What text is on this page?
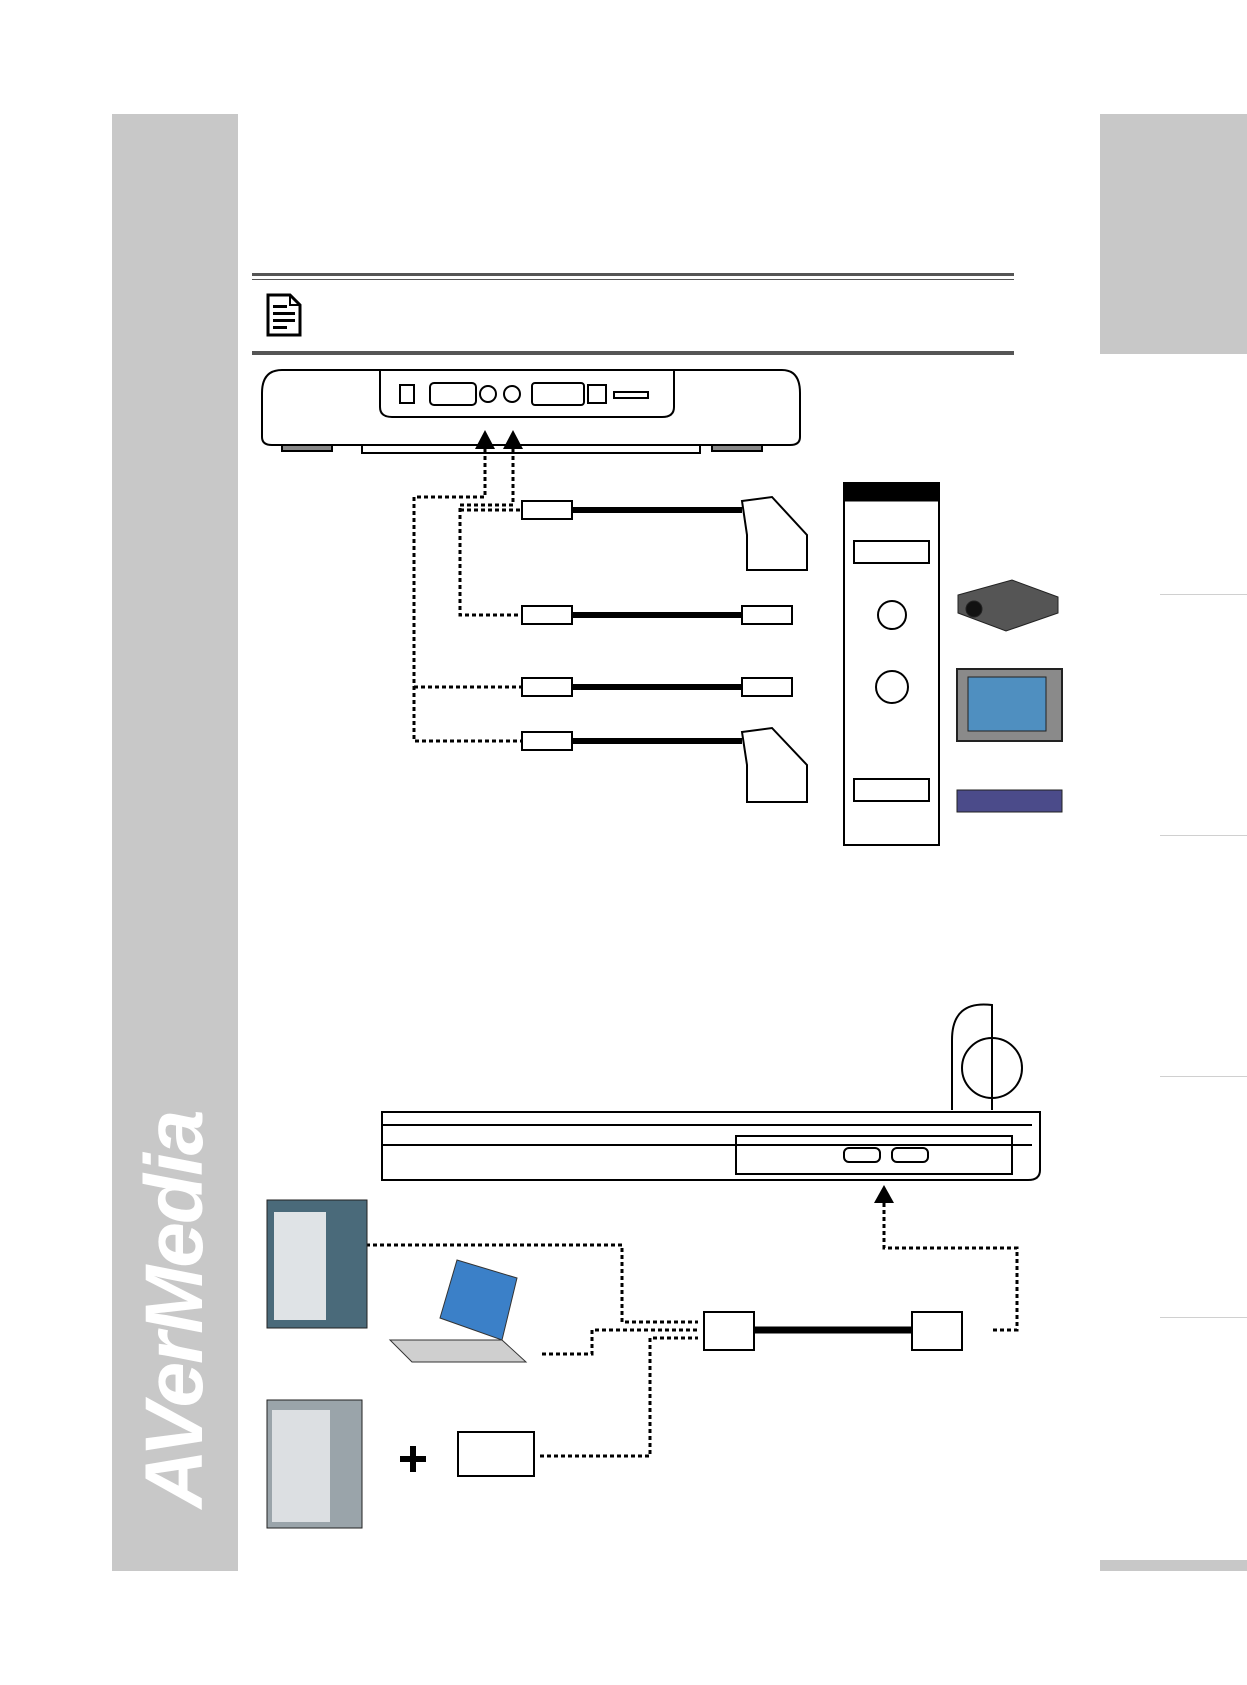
AVerMedia
